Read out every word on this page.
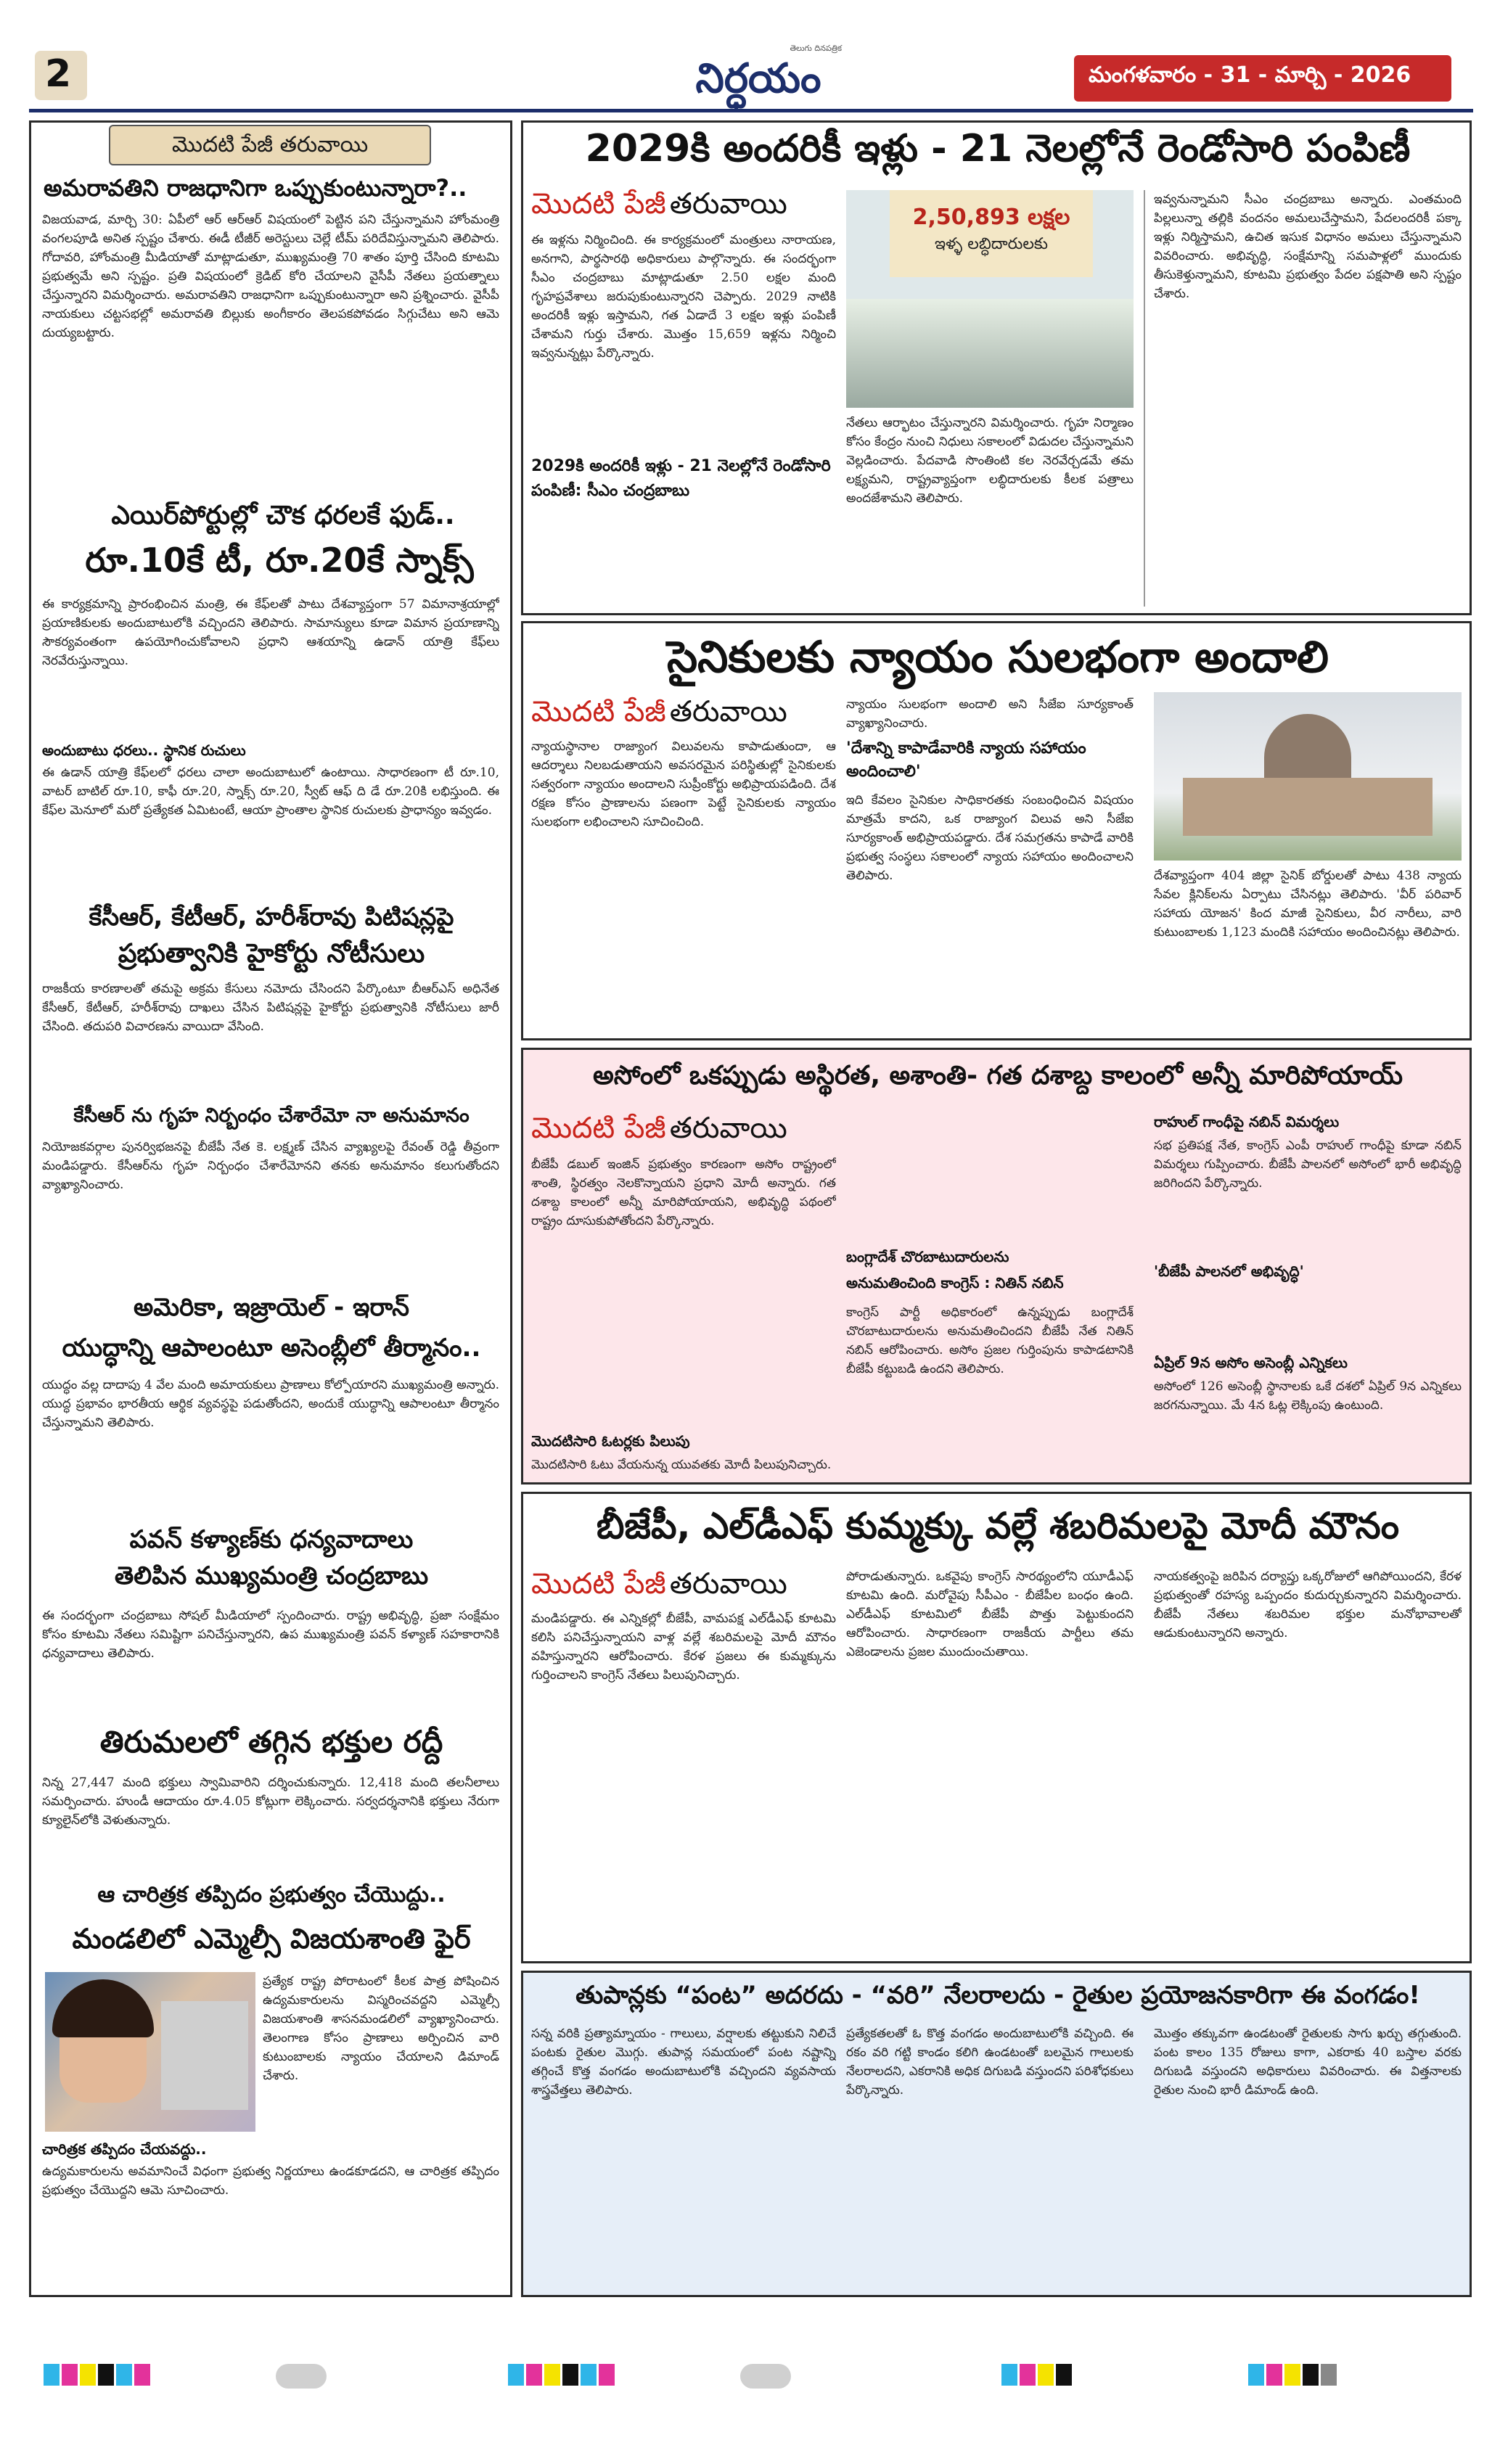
2
తెలుగు దినపత్రిక
నిర్ధయం	మంగళవారం - 31 - మార్చి - 2026
మొదటి పేజీ తరువాయి
అమరావతిని రాజధానిగా ఒప్పుకుంటున్నారా?..
విజయవాడ, మార్చి 30: ఏపీలో ఆర్ ఆర్ఆర్ విషయంలో పెట్టిన పని చేస్తున్నామని హోంమంత్రి వంగలపూడి అనిత స్పష్టం చేశారు. ఈడీ టీజీర్ అరెస్టులు చెల్లే టీమ్ పరిదేవిస్తున్నామని తెలిపారు. గోదావరి, హోంమంత్రి మీడియాతో మాట్లాడుతూ, ముఖ్యమంత్రి 70 శాతం పూర్తి చేసింది కూటమి ప్రభుత్వమే అని స్పష్టం. ప్రతి విషయంలో క్రెడిట్ కోరి చేయాలని వైసీపీ నేతలు ప్రయత్నాలు చేస్తున్నారని విమర్శించారు. అమరావతిని రాజధానిగా ఒప్పుకుంటున్నారా అని ప్రశ్నించారు. వైసీపీ నాయకులు చట్టసభల్లో అమరావతి బిల్లుకు అంగీకారం తెలపకపోవడం సిగ్గుచేటు అని ఆమె దుయ్యబట్టారు.
ఎయిర్‌పోర్టుల్లో చౌక ధరలకే ఫుడ్..
రూ.10కే టీ, రూ.20కే స్నాక్స్
ఈ కార్యక్రమాన్ని ప్రారంభించిన మంత్రి, ఈ కేఫ్‌లతో పాటు దేశవ్యాప్తంగా 57 విమానాశ్రయాల్లో ప్రయాణికులకు అందుబాటులోకి వచ్చిందని తెలిపారు. సామాన్యులు కూడా విమాన ప్రయాణాన్ని సౌకర్యవంతంగా ఉపయోగించుకోవాలని ప్రధాని ఆశయాన్ని ఉడాన్ యాత్రి కేఫ్‌లు నెరవేరుస్తున్నాయి.
అందుబాటు ధరలు.. స్థానిక రుచులు
ఈ ఉడాన్ యాత్రి కేఫ్‌లలో ధరలు చాలా అందుబాటులో ఉంటాయి. సాధారణంగా టీ రూ.10, వాటర్ బాటిల్ రూ.10, కాఫీ రూ.20, స్నాక్స్ రూ.20, స్వీట్ ఆఫ్ ది డే రూ.20కి లభిస్తుంది. ఈ కేఫ్‌ల మెనూలో మరో ప్రత్యేకత ఏమిటంటే, ఆయా ప్రాంతాల స్థానిక రుచులకు ప్రాధాన్యం ఇవ్వడం.
కేసీఆర్, కేటీఆర్, హరీశ్‌రావు పిటిషన్లపై
ప్రభుత్వానికి హైకోర్టు నోటీసులు
రాజకీయ కారణాలతో తమపై అక్రమ కేసులు నమోదు చేసిందని పేర్కొంటూ బీఆర్ఎస్ అధినేత కేసీఆర్, కేటీఆర్, హరీశ్‌రావు దాఖలు చేసిన పిటిషన్లపై హైకోర్టు ప్రభుత్వానికి నోటీసులు జారీ చేసింది. తదుపరి విచారణను వాయిదా వేసింది.
కేసీఆర్ ను గృహ నిర్బంధం చేశారేమో నా అనుమానం
నియోజకవర్గాల పునర్విభజనపై బీజేపీ నేత కె. లక్ష్మణ్ చేసిన వ్యాఖ్యలపై రేవంత్ రెడ్డి తీవ్రంగా మండిపడ్డారు. కేసీఆర్‌ను గృహ నిర్బంధం చేశారేమోనని తనకు అనుమానం కలుగుతోందని వ్యాఖ్యానించారు.
అమెరికా, ఇజ్రాయెల్ - ఇరాన్
యుద్ధాన్ని ఆపాలంటూ అసెంబ్లీలో తీర్మానం..
యుద్ధం వల్ల దాదాపు 4 వేల మంది అమాయకులు ప్రాణాలు కోల్పోయారని ముఖ్యమంత్రి అన్నారు. యుద్ధ ప్రభావం భారతీయ ఆర్థిక వ్యవస్థపై పడుతోందని, అందుకే యుద్ధాన్ని ఆపాలంటూ తీర్మానం చేస్తున్నామని తెలిపారు.
పవన్ కళ్యాణ్‌కు ధన్యవాదాలు
తెలిపిన ముఖ్యమంత్రి చంద్రబాబు
ఈ సందర్భంగా చంద్రబాబు సోషల్ మీడియాలో స్పందించారు. రాష్ట్ర అభివృద్ధి, ప్రజా సంక్షేమం కోసం కూటమి నేతలు సమిష్టిగా పనిచేస్తున్నారని, ఉప ముఖ్యమంత్రి పవన్ కళ్యాణ్ సహకారానికి ధన్యవాదాలు తెలిపారు.
తిరుమలలో తగ్గిన భక్తుల రద్దీ
నిన్న 27,447 మంది భక్తులు స్వామివారిని దర్శించుకున్నారు. 12,418 మంది తలనీలాలు సమర్పించారు. హుండీ ఆదాయం రూ.4.05 కోట్లుగా లెక్కించారు. సర్వదర్శనానికి భక్తులు నేరుగా క్యూలైన్‌లోకి వెళుతున్నారు.
ఆ చారిత్రక తప్పిదం ప్రభుత్వం చేయొద్దు..
మండలిలో ఎమ్మెల్సీ విజయశాంతి ఫైర్
ప్రత్యేక రాష్ట్ర పోరాటంలో కీలక పాత్ర పోషించిన ఉద్యమకారులను విస్మరించవద్దని ఎమ్మెల్సీ విజయశాంతి శాసనమండలిలో వ్యాఖ్యానించారు. తెలంగాణ కోసం ప్రాణాలు అర్పించిన వారి కుటుంబాలకు న్యాయం చేయాలని డిమాండ్ చేశారు.
చారిత్రక తప్పిదం చేయవద్దు..
ఉద్యమకారులను అవమానించే విధంగా ప్రభుత్వ నిర్ణయాలు ఉండకూడదని, ఆ చారిత్రక తప్పిదం ప్రభుత్వం చేయొద్దని ఆమె సూచించారు.
2029కి అందరికీ ఇళ్లు - 21 నెలల్లోనే రెండోసారి పంపిణీ
మొదటి పేజీ తరువాయి
ఈ ఇళ్లను నిర్మించింది. ఈ కార్యక్రమంలో మంత్రులు నారాయణ, అనగాని, పార్థసారథి అధికారులు పాల్గొన్నారు. ఈ సందర్భంగా సీఎం చంద్రబాబు మాట్లాడుతూ 2.50 లక్షల మంది గృహప్రవేశాలు జరుపుకుంటున్నారని చెప్పారు. 2029 నాటికి అందరికీ ఇళ్లు ఇస్తామని, గత ఏడాదే 3 లక్షల ఇళ్లు పంపిణీ చేశామని గుర్తు చేశారు. మొత్తం 15,659 ఇళ్లను నిర్మించి ఇవ్వనున్నట్లు పేర్కొన్నారు.
2,50,893 లక్షల
ఇళ్ళ లబ్ధిదారులకు
నేతలు ఆర్భాటం చేస్తున్నారని విమర్శించారు. గృహ నిర్మాణం కోసం కేంద్రం నుంచి నిధులు సకాలంలో విడుదల చేస్తున్నామని వెల్లడించారు. పేదవాడి సొంతింటి కల నెరవేర్చడమే తమ లక్ష్యమని, రాష్ట్రవ్యాప్తంగా లబ్ధిదారులకు కీలక పత్రాలు అందజేశామని తెలిపారు.
ఇవ్వనున్నామని సీఎం చంద్రబాబు అన్నారు. ఎంతమంది పిల్లలున్నా తల్లికి వందనం అమలుచేస్తామని, పేదలందరికీ పక్కా ఇళ్లు నిర్మిస్తామని, ఉచిత ఇసుక విధానం అమలు చేస్తున్నామని వివరించారు. అభివృద్ధి, సంక్షేమాన్ని సమపాళ్లలో ముందుకు తీసుకెళ్తున్నామని, కూటమి ప్రభుత్వం పేదల పక్షపాతి అని స్పష్టం చేశారు.
2029కి అందరికీ ఇళ్లు - 21 నెలల్లోనే రెండోసారి పంపిణీ: సీఎం చంద్రబాబు
సైనికులకు న్యాయం సులభంగా అందాలి
మొదటి పేజీ తరువాయి
న్యాయస్థానాల రాజ్యాంగ విలువలను కాపాడుతుందా, ఆ ఆదర్శాలు నిలబడుతాయని అవసరమైన పరిస్థితుల్లో సైనికులకు సత్వరంగా న్యాయం అందాలని సుప్రీంకోర్టు అభిప్రాయపడింది. దేశ రక్షణ కోసం ప్రాణాలను పణంగా పెట్టే సైనికులకు న్యాయం సులభంగా లభించాలని సూచించింది.
న్యాయం సులభంగా అందాలి అని సీజేఐ సూర్యకాంత్ వ్యాఖ్యానించారు.
'దేశాన్ని కాపాడేవారికి న్యాయ సహాయం అందించాలి'
ఇది కేవలం సైనికుల సాధికారతకు సంబంధించిన విషయం మాత్రమే కాదని, ఒక రాజ్యాంగ విలువ అని సీజేఐ సూర్యకాంత్ అభిప్రాయపడ్డారు. దేశ సమగ్రతను కాపాడే వారికి ప్రభుత్వ సంస్థలు సకాలంలో న్యాయ సహాయం అందించాలని తెలిపారు.	దేశవ్యాప్తంగా 404 జిల్లా సైనిక్ బోర్డులతో పాటు 438 న్యాయ సేవల క్లినిక్‌లను ఏర్పాటు చేసినట్లు తెలిపారు. 'వీర్ పరివార్ సహాయ యోజన' కింద మాజీ సైనికులు, వీర నారీలు, వారి కుటుంబాలకు 1,123 మందికి సహాయం అందించినట్లు తెలిపారు.
అసోంలో ఒకప్పుడు అస్థిరత, అశాంతి- గత దశాబ్ద కాలంలో అన్నీ మారిపోయాయ్
మొదటి పేజీ తరువాయి
బీజేపీ డబుల్ ఇంజిన్ ప్రభుత్వం కారణంగా అసోం రాష్ట్రంలో శాంతి, స్థిరత్వం నెలకొన్నాయని ప్రధాని మోదీ అన్నారు. గత దశాబ్ద కాలంలో అన్నీ మారిపోయాయని, అభివృద్ధి పథంలో రాష్ట్రం దూసుకుపోతోందని పేర్కొన్నారు.
మొదటిసారి ఓటర్లకు పిలుపు
మొదటిసారి ఓటు వేయనున్న యువతకు మోదీ పిలుపునిచ్చారు.
బంగ్లాదేశ్ చొరబాటుదారులను
అనుమతించింది కాంగ్రెస్ : నితిన్ నబిన్
కాంగ్రెస్ పార్టీ అధికారంలో ఉన్నప్పుడు బంగ్లాదేశ్ చొరబాటుదారులను అనుమతించిందని బీజేపీ నేత నితిన్ నబిన్ ఆరోపించారు. అసోం ప్రజల గుర్తింపును కాపాడటానికి బీజేపీ కట్టుబడి ఉందని తెలిపారు.
రాహుల్ గాంధీపై నబిన్ విమర్శలు
సభ ప్రతిపక్ష నేత, కాంగ్రెస్ ఎంపీ రాహుల్ గాంధీపై కూడా నబిన్ విమర్శలు గుప్పించారు. బీజేపీ పాలనలో అసోంలో భారీ అభివృద్ధి జరిగిందని పేర్కొన్నారు.
'బీజేపీ పాలనలో అభివృద్ధి'
ఏప్రిల్ 9న అసోం అసెంబ్లీ ఎన్నికలు
అసోంలో 126 అసెంబ్లీ స్థానాలకు ఒకే దశలో ఏప్రిల్ 9న ఎన్నికలు జరగనున్నాయి. మే 4న ఓట్ల లెక్కింపు ఉంటుంది.
బీజేపీ, ఎల్‌డీఎఫ్ కుమ్మక్కు వల్లే శబరిమలపై మోదీ మౌనం
మొదటి పేజీ తరువాయి
మండిపడ్డారు. ఈ ఎన్నికల్లో బీజేపీ, వామపక్ష ఎల్‌డీఎఫ్ కూటమి కలిసి పనిచేస్తున్నాయని వాళ్ల వల్లే శబరిమలపై మోదీ మౌనం వహిస్తున్నారని ఆరోపించారు. కేరళ ప్రజలు ఈ కుమ్మక్కును గుర్తించాలని కాంగ్రెస్ నేతలు పిలుపునిచ్చారు.
పోరాడుతున్నారు. ఒకవైపు కాంగ్రెస్ సారథ్యంలోని యూడీఎఫ్ కూటమి ఉంది. మరోవైపు సీపీఎం - బీజేపీల బంధం ఉంది. ఎల్‌డీఎఫ్ కూటమిలో బీజేపీ పొత్తు పెట్టుకుందని ఆరోపించారు. సాధారణంగా రాజకీయ పార్టీలు తమ ఎజెండాలను ప్రజల ముందుంచుతాయి.
నాయకత్వంపై జరిపిన దర్యాప్తు ఒక్కరోజులో ఆగిపోయిందని, కేరళ ప్రభుత్వంతో రహస్య ఒప్పందం కుదుర్చుకున్నారని విమర్శించారు. బీజేపీ నేతలు శబరిమల భక్తుల మనోభావాలతో ఆడుకుంటున్నారని అన్నారు.
తుపాన్లకు “పంట” అదరదు - “వరి” నేలరాలదు - రైతుల ప్రయోజనకారిగా ఈ వంగడం!
సన్న వరికి ప్రత్యామ్నాయం - గాలులు, వర్షాలకు తట్టుకుని నిలిచే పంటకు రైతుల మొగ్గు. తుపాన్ల సమయంలో పంట నష్టాన్ని తగ్గించే కొత్త వంగడం అందుబాటులోకి వచ్చిందని వ్యవసాయ శాస్త్రవేత్తలు తెలిపారు.
ప్రత్యేకతలతో ఓ కొత్త వంగడం అందుబాటులోకి వచ్చింది. ఈ రకం వరి గట్టి కాండం కలిగి ఉండటంతో బలమైన గాలులకు నేలరాలదని, ఎకరానికి అధిక దిగుబడి వస్తుందని పరిశోధకులు పేర్కొన్నారు.
మొత్తం తక్కువగా ఉండటంతో రైతులకు సాగు ఖర్చు తగ్గుతుంది. పంట కాలం 135 రోజులు కాగా, ఎకరాకు 40 బస్తాల వరకు దిగుబడి వస్తుందని అధికారులు వివరించారు. ఈ విత్తనాలకు రైతుల నుంచి భారీ డిమాండ్ ఉంది.
